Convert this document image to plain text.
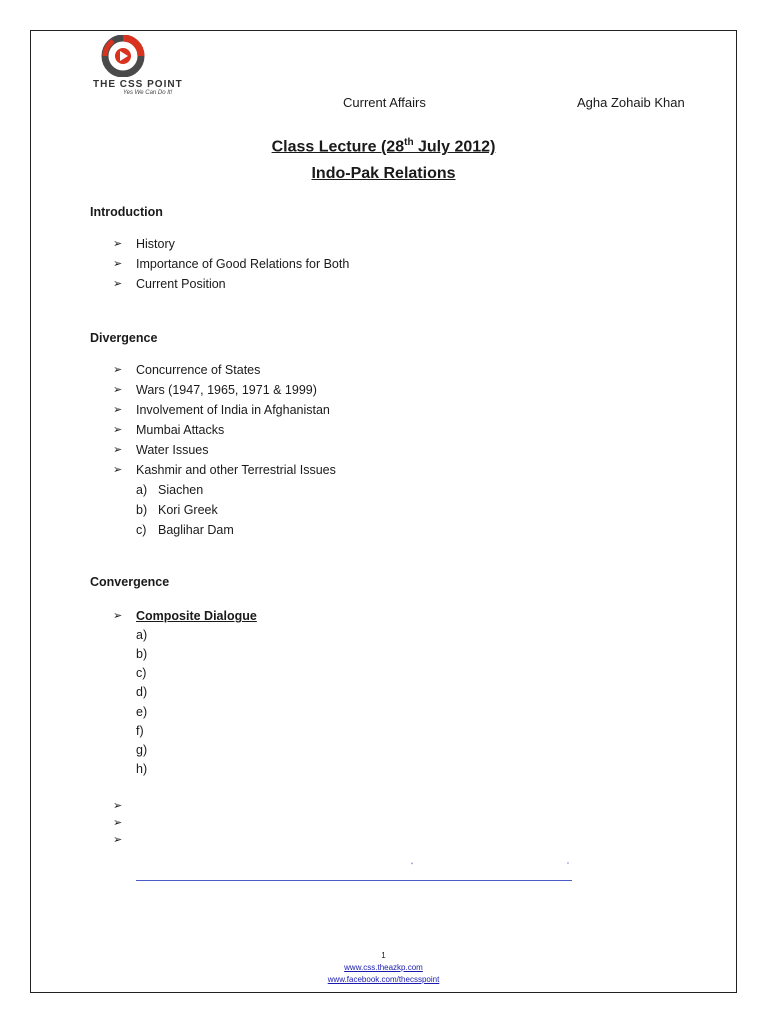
THE CSS POINT
Yes We Can Do It!
Current Affairs	Agha Zohaib Khan
Class Lecture (28th July 2012)
Indo-Pak Relations
Introduction
➢ History
➢ Importance of Good Relations for Both
➢ Current Position
Divergence
➢ Concurrence of States
➢ Wars (1947, 1965, 1971 & 1999)
➢ Involvement of India in Afghanistan
➢ Mumbai Attacks
➢ Water Issues
➢ Kashmir and other Terrestrial Issues
a) Siachen
b) Kori Greek
c) Baglihar Dam
Convergence
➢ Composite Dialogue
a)
b)
c)
d)
e)
f)
g)
h)
➢
➢
➢
“	”
1
www.css.theazkp.com
www.facebook.com/thecsspoint
